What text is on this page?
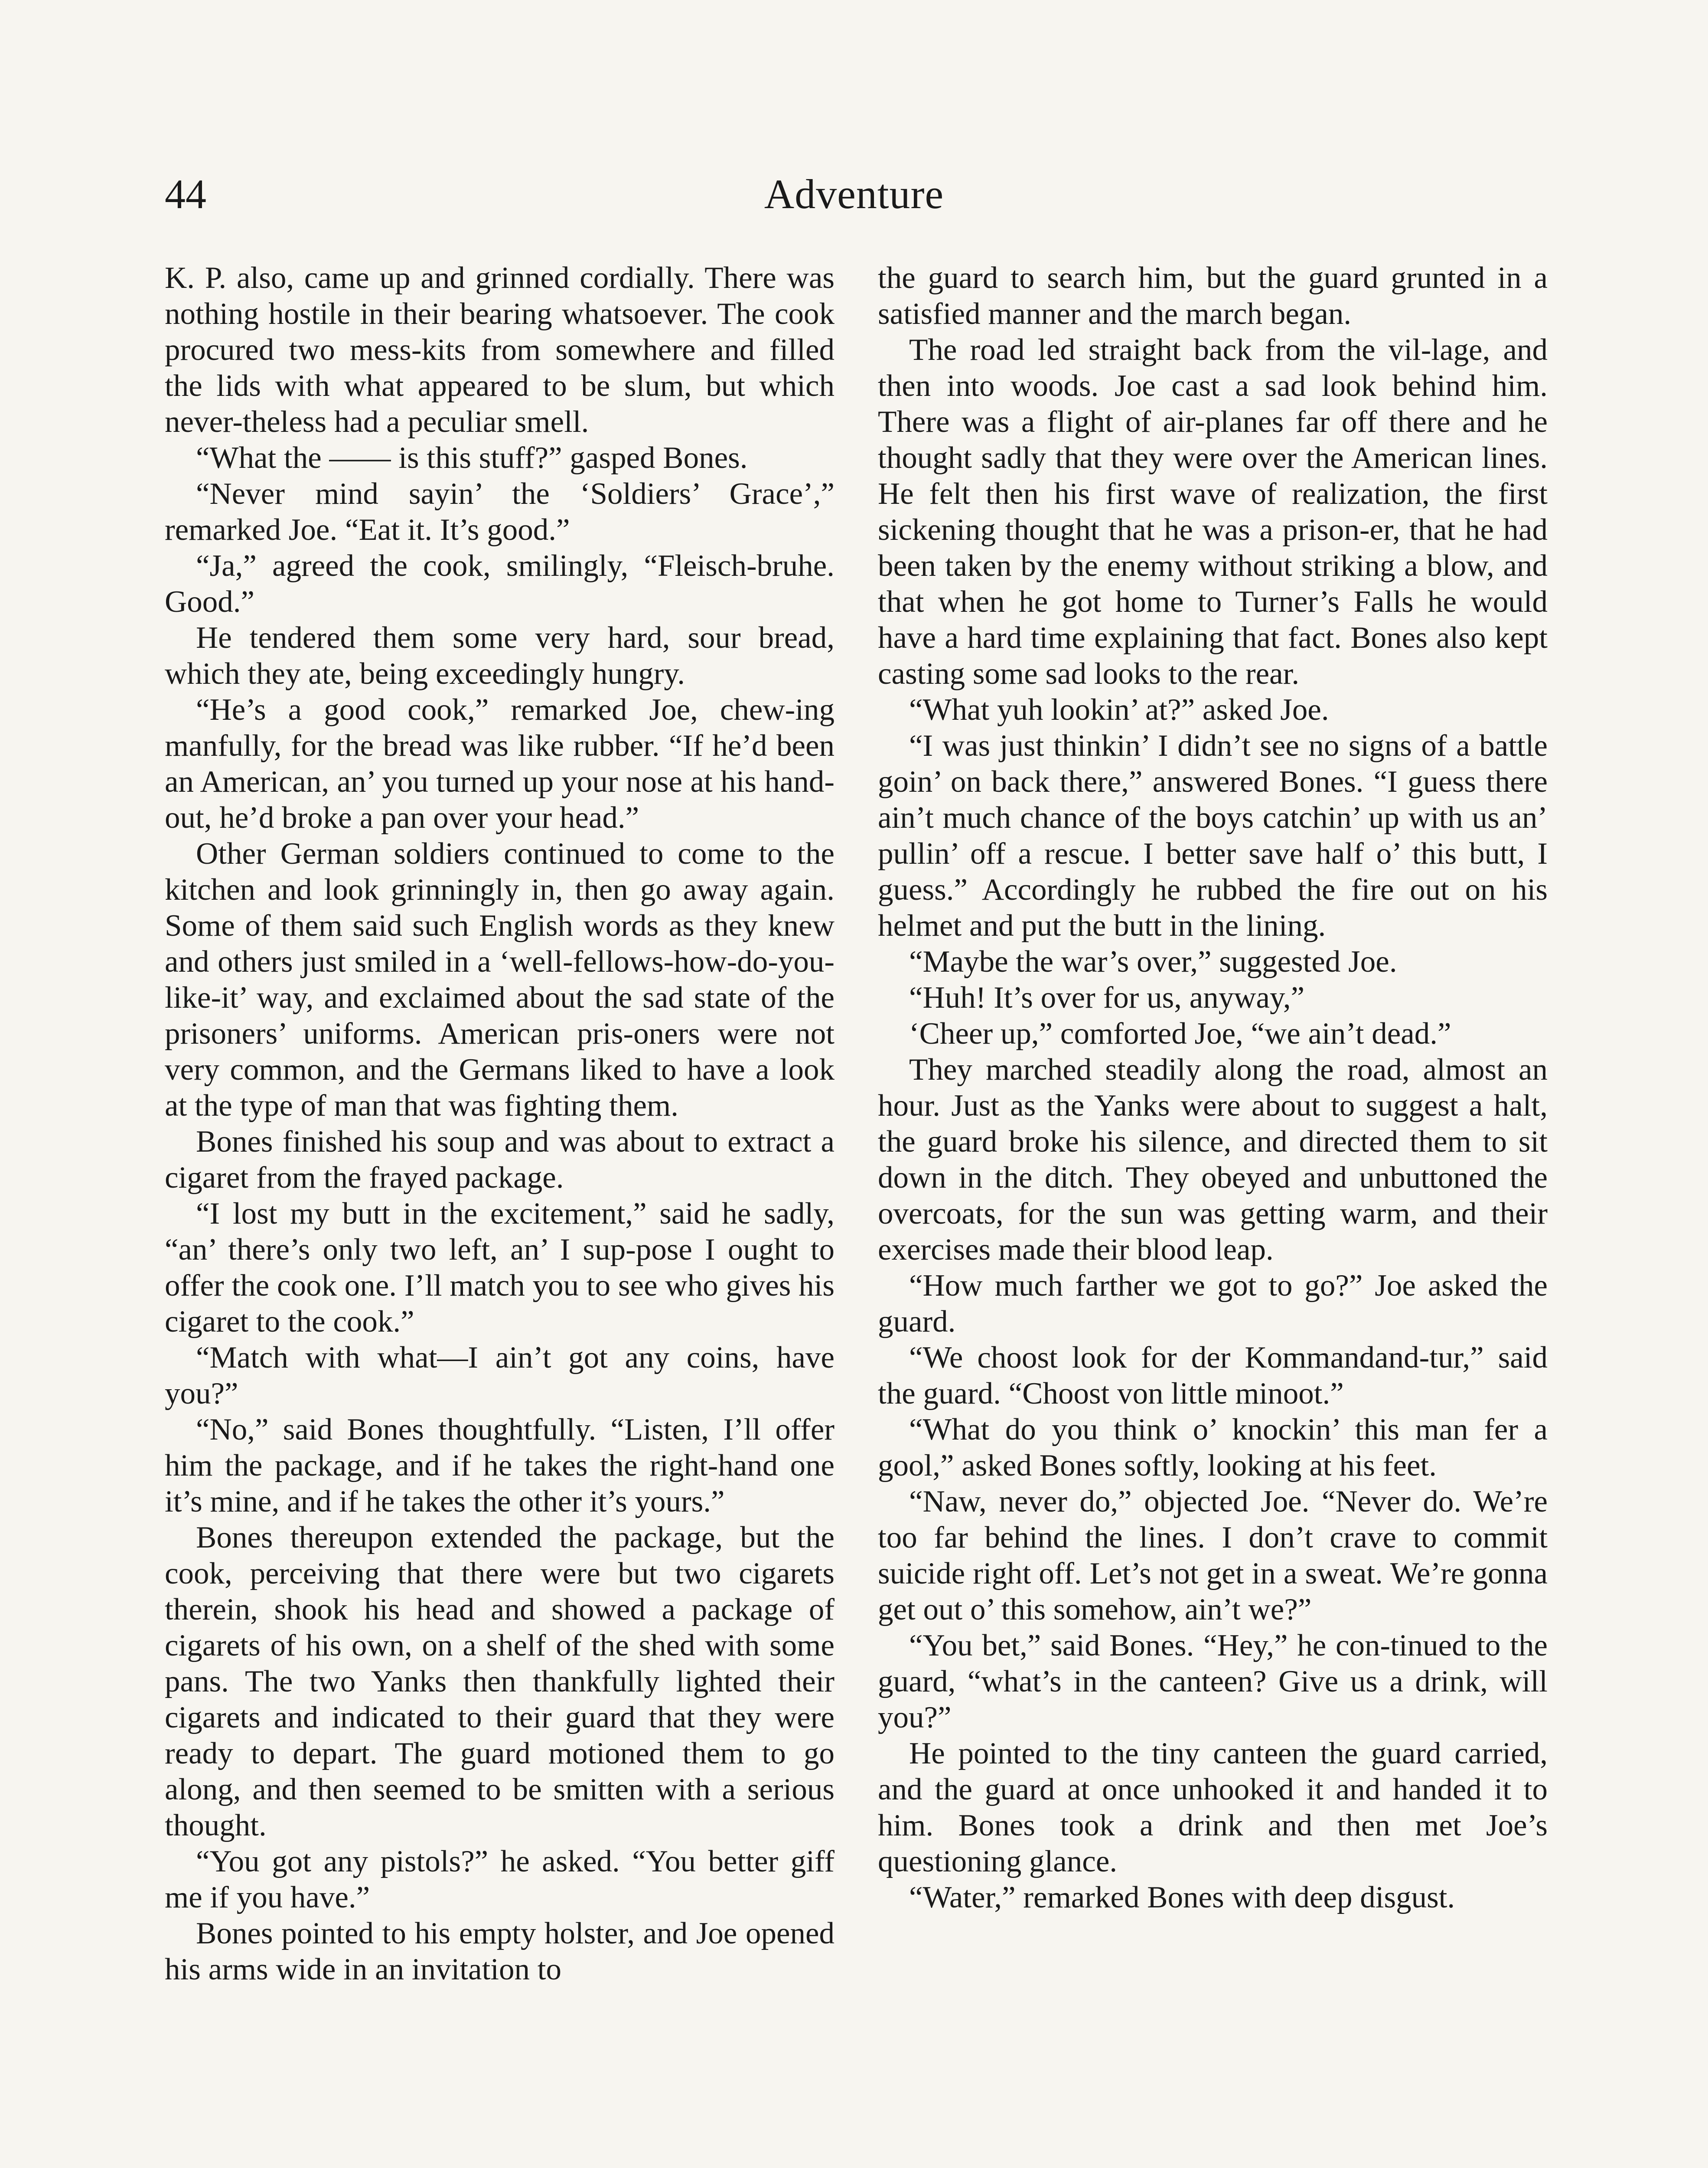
44	Adventure

K. P. also, came up and grinned cordially. There was nothing hostile in their bearing whatsoever. The cook procured two mess-kits from somewhere and filled the lids with what appeared to be slum, but which never-theless had a peculiar smell.

“What the —— is this stuff?” gasped Bones.

“Never mind sayin’ the ‘Soldiers’ Grace’,” remarked Joe. “Eat it. It’s good.”

“Ja,” agreed the cook, smilingly, “Fleisch-bruhe. Good.”

He tendered them some very hard, sour bread, which they ate, being exceedingly hungry.

“He’s a good cook,” remarked Joe, chew-ing manfully, for the bread was like rubber. “If he’d been an American, an’ you turned up your nose at his hand-out, he’d broke a pan over your head.”

Other German soldiers continued to come to the kitchen and look grinningly in, then go away again. Some of them said such English words as they knew and others just smiled in a ‘well-fellows-how-do-you-like-it’ way, and exclaimed about the sad state of the prisoners’ uniforms. American pris-oners were not very common, and the Germans liked to have a look at the type of man that was fighting them.

Bones finished his soup and was about to extract a cigaret from the frayed package.

“I lost my butt in the excitement,” said he sadly, “an’ there’s only two left, an’ I sup-pose I ought to offer the cook one. I’ll match you to see who gives his cigaret to the cook.”

“Match with what—I ain’t got any coins, have you?”

“No,” said Bones thoughtfully. “Listen, I’ll offer him the package, and if he takes the right-hand one it’s mine, and if he takes the other it’s yours.”

Bones thereupon extended the package, but the cook, perceiving that there were but two cigarets therein, shook his head and showed a package of cigarets of his own, on a shelf of the shed with some pans. The two Yanks then thankfully lighted their cigarets and indicated to their guard that they were ready to depart. The guard motioned them to go along, and then seemed to be smitten with a serious thought.

“You got any pistols?” he asked. “You better giff me if you have.”

Bones pointed to his empty holster, and Joe opened his arms wide in an invitation to

the guard to search him, but the guard grunted in a satisfied manner and the march began.

The road led straight back from the vil-lage, and then into woods. Joe cast a sad look behind him. There was a flight of air-planes far off there and he thought sadly that they were over the American lines. He felt then his first wave of realization, the first sickening thought that he was a prison-er, that he had been taken by the enemy without striking a blow, and that when he got home to Turner’s Falls he would have a hard time explaining that fact. Bones also kept casting some sad looks to the rear.

“What yuh lookin’ at?” asked Joe.

“I was just thinkin’ I didn’t see no signs of a battle goin’ on back there,” answered Bones. “I guess there ain’t much chance of the boys catchin’ up with us an’ pullin’ off a rescue. I better save half o’ this butt, I guess.” Accordingly he rubbed the fire out on his helmet and put the butt in the lining.

“Maybe the war’s over,” suggested Joe.

“Huh! It’s over for us, anyway,”

‘Cheer up,” comforted Joe, “we ain’t dead.”

They marched steadily along the road, almost an hour. Just as the Yanks were about to suggest a halt, the guard broke his silence, and directed them to sit down in the ditch. They obeyed and unbuttoned the overcoats, for the sun was getting warm, and their exercises made their blood leap.

“How much farther we got to go?” Joe asked the guard.

“We choost look for der Kommandand-tur,” said the guard. “Choost von little minoot.”

“What do you think o’ knockin’ this man fer a gool,” asked Bones softly, looking at his feet.

“Naw, never do,” objected Joe. “Never do. We’re too far behind the lines. I don’t crave to commit suicide right off. Let’s not get in a sweat. We’re gonna get out o’ this somehow, ain’t we?”

“You bet,” said Bones. “Hey,” he con-tinued to the guard, “what’s in the canteen? Give us a drink, will you?”

He pointed to the tiny canteen the guard carried, and the guard at once unhooked it and handed it to him. Bones took a drink and then met Joe’s questioning glance.

“Water,” remarked Bones with deep disgust.
